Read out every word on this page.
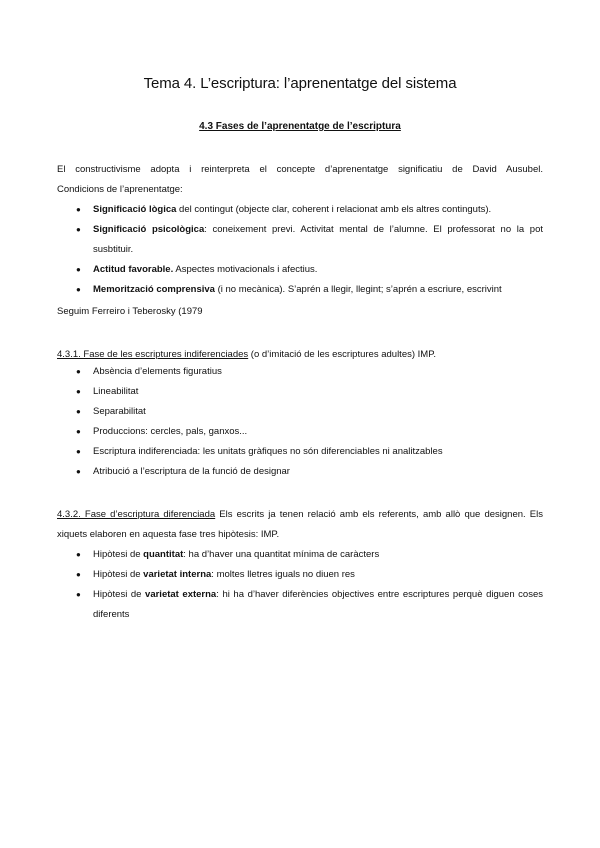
Tema 4. L’escriptura: l’aprenentatge del sistema
4.3 Fases de l’aprenentatge de l’escriptura
El constructivisme adopta i reinterpreta el concepte d’aprenentatge significatiu de David Ausubel.
Condicions de l’aprenentatge:
● Significació lògica del contingut (objecte clar, coherent i relacionat amb els altres continguts).
● Significació psicològica: coneixement previ. Activitat mental de l’alumne. El professorat no la pot susbtituir.
● Actitud favorable. Aspectes motivacionals i afectius.
● Memorització comprensiva (i no mecànica). S’aprén a llegir, llegint; s’aprén a escriure, escrivint
Seguim Ferreiro i Teberosky (1979
4.3.1. Fase de les escriptures indiferenciades (o d’imitació de les escriptures adultes) IMP.
● Absència d’elements figuratius
● Lineabilitat
● Separabilitat
● Produccions: cercles, pals, ganxos...
● Escriptura indiferenciada: les unitats gràfiques no són diferenciables ni analitzables
● Atribució a l’escriptura de la funció de designar
4.3.2. Fase d’escriptura diferenciada Els escrits ja tenen relació amb els referents, amb allò que designen. Els xiquets elaboren en aquesta fase tres hipòtesis: IMP.
● Hipòtesi de quantitat: ha d’haver una quantitat mínima de caràcters
● Hipòtesi de varietat interna: moltes lletres iguals no diuen res
● Hipòtesi de varietat externa: hi ha d’haver diferències objectives entre escriptures perquè diguen coses diferents
